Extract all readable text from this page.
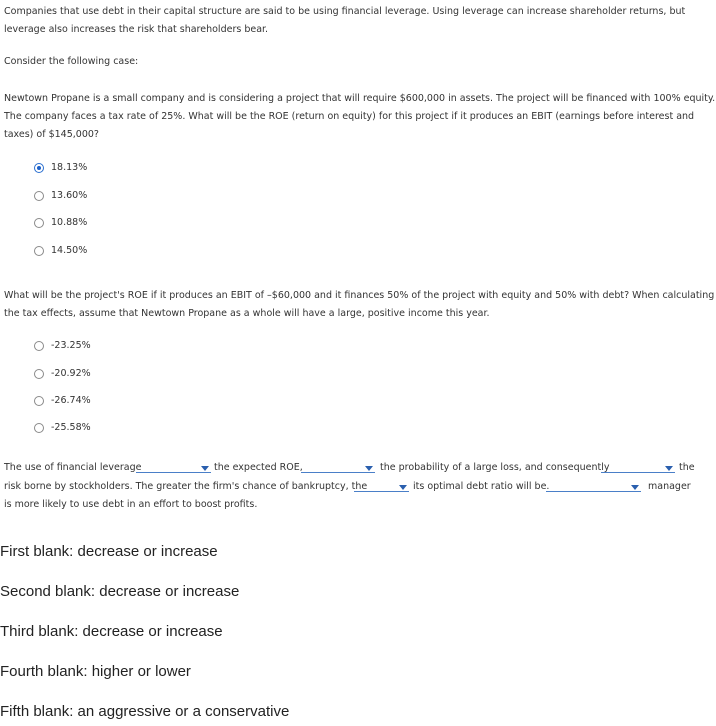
Companies that use debt in their capital structure are said to be using financial leverage. Using leverage can increase shareholder returns, but
leverage also increases the risk that shareholders bear.
Consider the following case:
Newtown Propane is a small company and is considering a project that will require $600,000 in assets. The project will be financed with 100% equity.
The company faces a tax rate of 25%. What will be the ROE (return on equity) for this project if it produces an EBIT (earnings before interest and
taxes) of $145,000?
18.13%
13.60%
10.88%
14.50%
What will be the project's ROE if it produces an EBIT of –$60,000 and it finances 50% of the project with equity and 50% with debt? When calculating
the tax effects, assume that Newtown Propane as a whole will have a large, positive income this year.
-23.25%
-20.92%
-26.74%
-25.58%
The use of financial leverage	the expected ROE,	the probability of a large loss, and consequently	the
risk borne by stockholders. The greater the firm's chance of bankruptcy, the	its optimal debt ratio will be.	manager
is more likely to use debt in an effort to boost profits.
First blank: decrease or increase
Second blank: decrease or increase
Third blank: decrease or increase
Fourth blank: higher or lower
Fifth blank: an aggressive or a conservative
